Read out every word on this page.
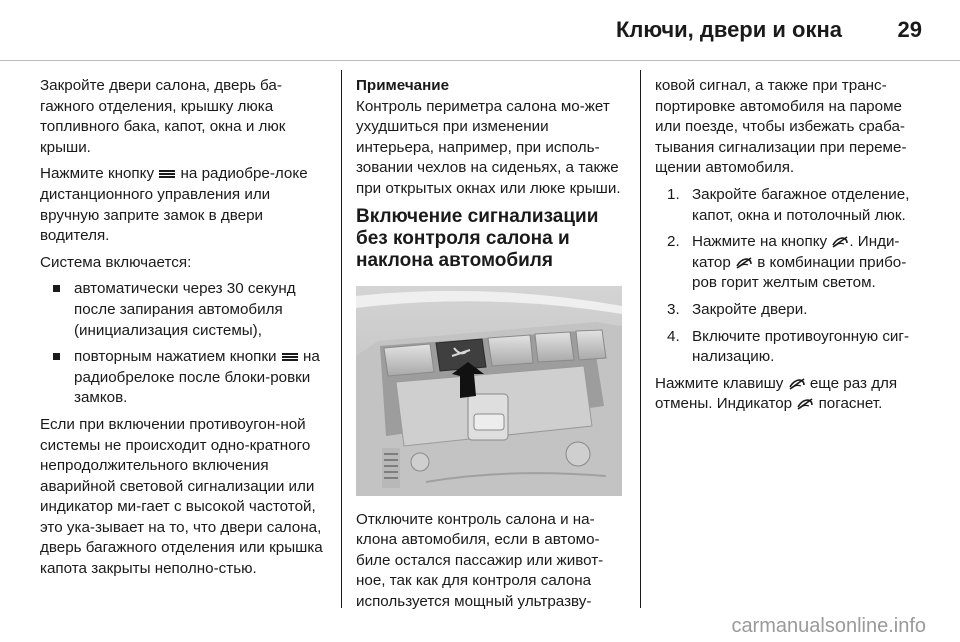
Ключи, двери и окна	29

Закройте двери салона, дверь ба-гажного отделения, крышку люка топливного бака, капот, окна и люк крыши.

Нажмите кнопку  на радиобре-локе дистанционного управления или вручную заприте замок в двери водителя.

Система включается:

автоматически через 30 секунд после запирания автомобиля (инициализация системы),
повторным нажатием кнопки  на радиобрелоке после блоки-ровки замков.

Если при включении противоугон-ной системы не происходит одно-кратного непродолжительного включения аварийной световой сигнализации или индикатор ми-гает с высокой частотой, это ука-зывает на то, что двери салона, дверь багажного отделения или крышка капота закрыты неполно-стью.

Примечание

Контроль периметра салона мо-жет ухудшиться при изменении интерьера, например, при исполь-зовании чехлов на сиденьях, а также при открытых окнах или люке крыши.

Включение сигнализации без контроля салона и наклона автомобиля

Отключите контроль салона и на-клона автомобиля, если в автомо-биле остался пассажир или живот-ное, так как для контроля салона используется мощный ультразву-

ковой сигнал, а также при транс-портировке автомобиля на пароме или поезде, чтобы избежать сраба-тывания сигнализации при переме-щении автомобиля.

1. Закройте багажное отделение, капот, окна и потолочный люк.
2. Нажмите на кнопку . Инди-катор  в комбинации прибо-ров горит желтым светом.
3. Закройте двери.
4. Включите противоугонную сиг-нализацию.

Нажмите клавишу  еще раз для отмены. Индикатор  погаснет.

carmanualsonline.info
